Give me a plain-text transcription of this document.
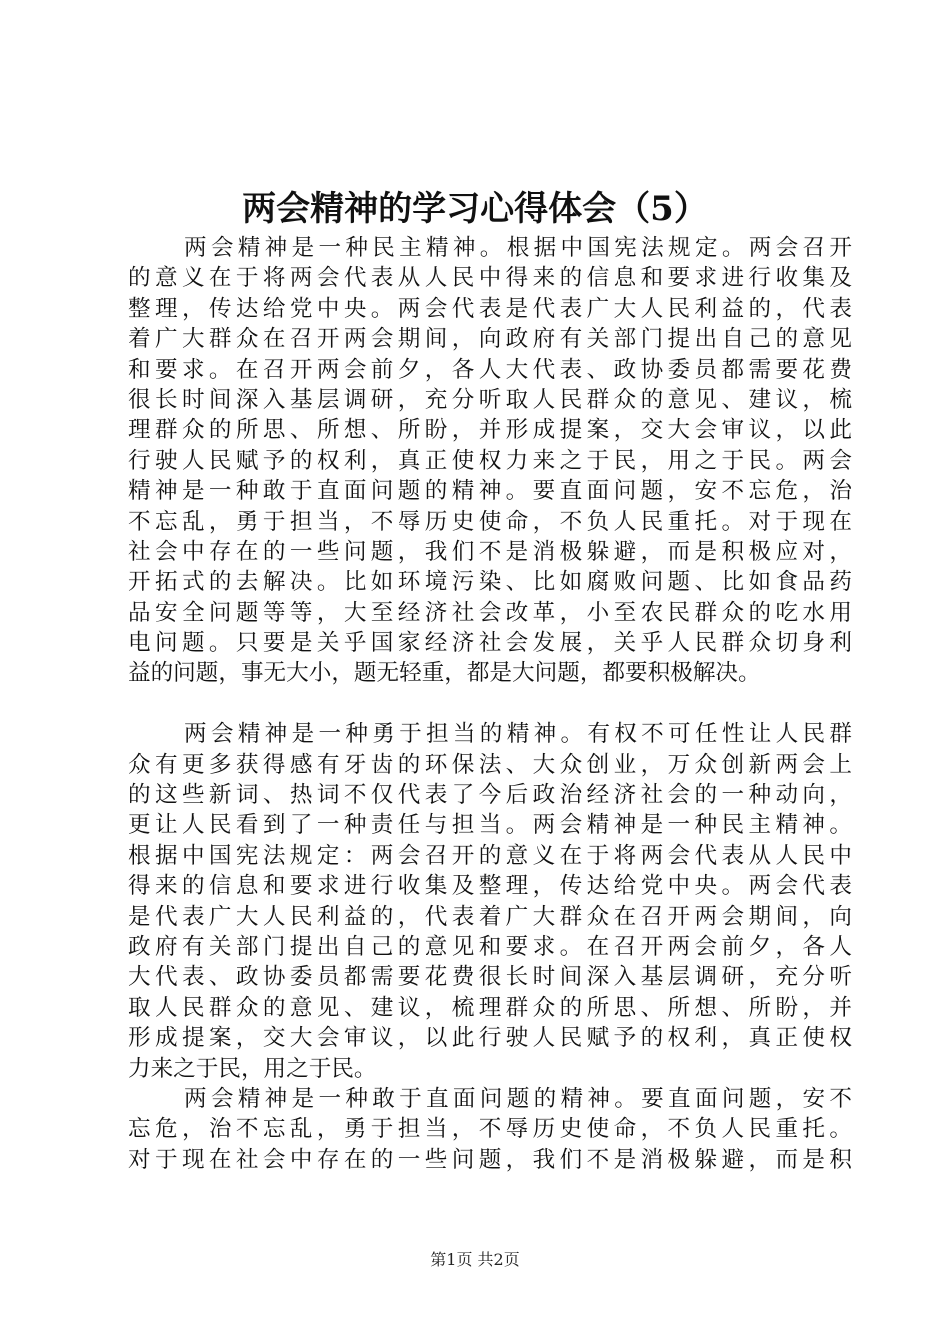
两会精神的学习心得体会（5）
两会精神是一种民主精神。根据中国宪法规定。两会召开
的意义在于将两会代表从人民中得来的信息和要求进行收集及
整理，传达给党中央。两会代表是代表广大人民利益的，代表
着广大群众在召开两会期间，向政府有关部门提出自己的意见
和要求。在召开两会前夕，各人大代表、政协委员都需要花费
很长时间深入基层调研，充分听取人民群众的意见、建议，梳
理群众的所思、所想、所盼，并形成提案，交大会审议，以此
行驶人民赋予的权利，真正使权力来之于民，用之于民。两会
精神是一种敢于直面问题的精神。要直面问题，安不忘危，治
不忘乱，勇于担当，不辱历史使命，不负人民重托。对于现在
社会中存在的一些问题，我们不是消极躲避，而是积极应对，
开拓式的去解决。比如环境污染、比如腐败问题、比如食品药
品安全问题等等，大至经济社会改革，小至农民群众的吃水用
电问题。只要是关乎国家经济社会发展，关乎人民群众切身利
益的问题，事无大小，题无轻重，都是大问题，都要积极解决。
两会精神是一种勇于担当的精神。有权不可任性让人民群
众有更多获得感有牙齿的环保法、大众创业，万众创新两会上
的这些新词、热词不仅代表了今后政治经济社会的一种动向，
更让人民看到了一种责任与担当。两会精神是一种民主精神。
根据中国宪法规定：两会召开的意义在于将两会代表从人民中
得来的信息和要求进行收集及整理，传达给党中央。两会代表
是代表广大人民利益的，代表着广大群众在召开两会期间，向
政府有关部门提出自己的意见和要求。在召开两会前夕，各人
大代表、政协委员都需要花费很长时间深入基层调研，充分听
取人民群众的意见、建议，梳理群众的所思、所想、所盼，并
形成提案，交大会审议，以此行驶人民赋予的权利，真正使权
力来之于民，用之于民。
两会精神是一种敢于直面问题的精神。要直面问题，安不
忘危，治不忘乱，勇于担当，不辱历史使命，不负人民重托。
对于现在社会中存在的一些问题，我们不是消极躲避，而是积
第1页 共2页
